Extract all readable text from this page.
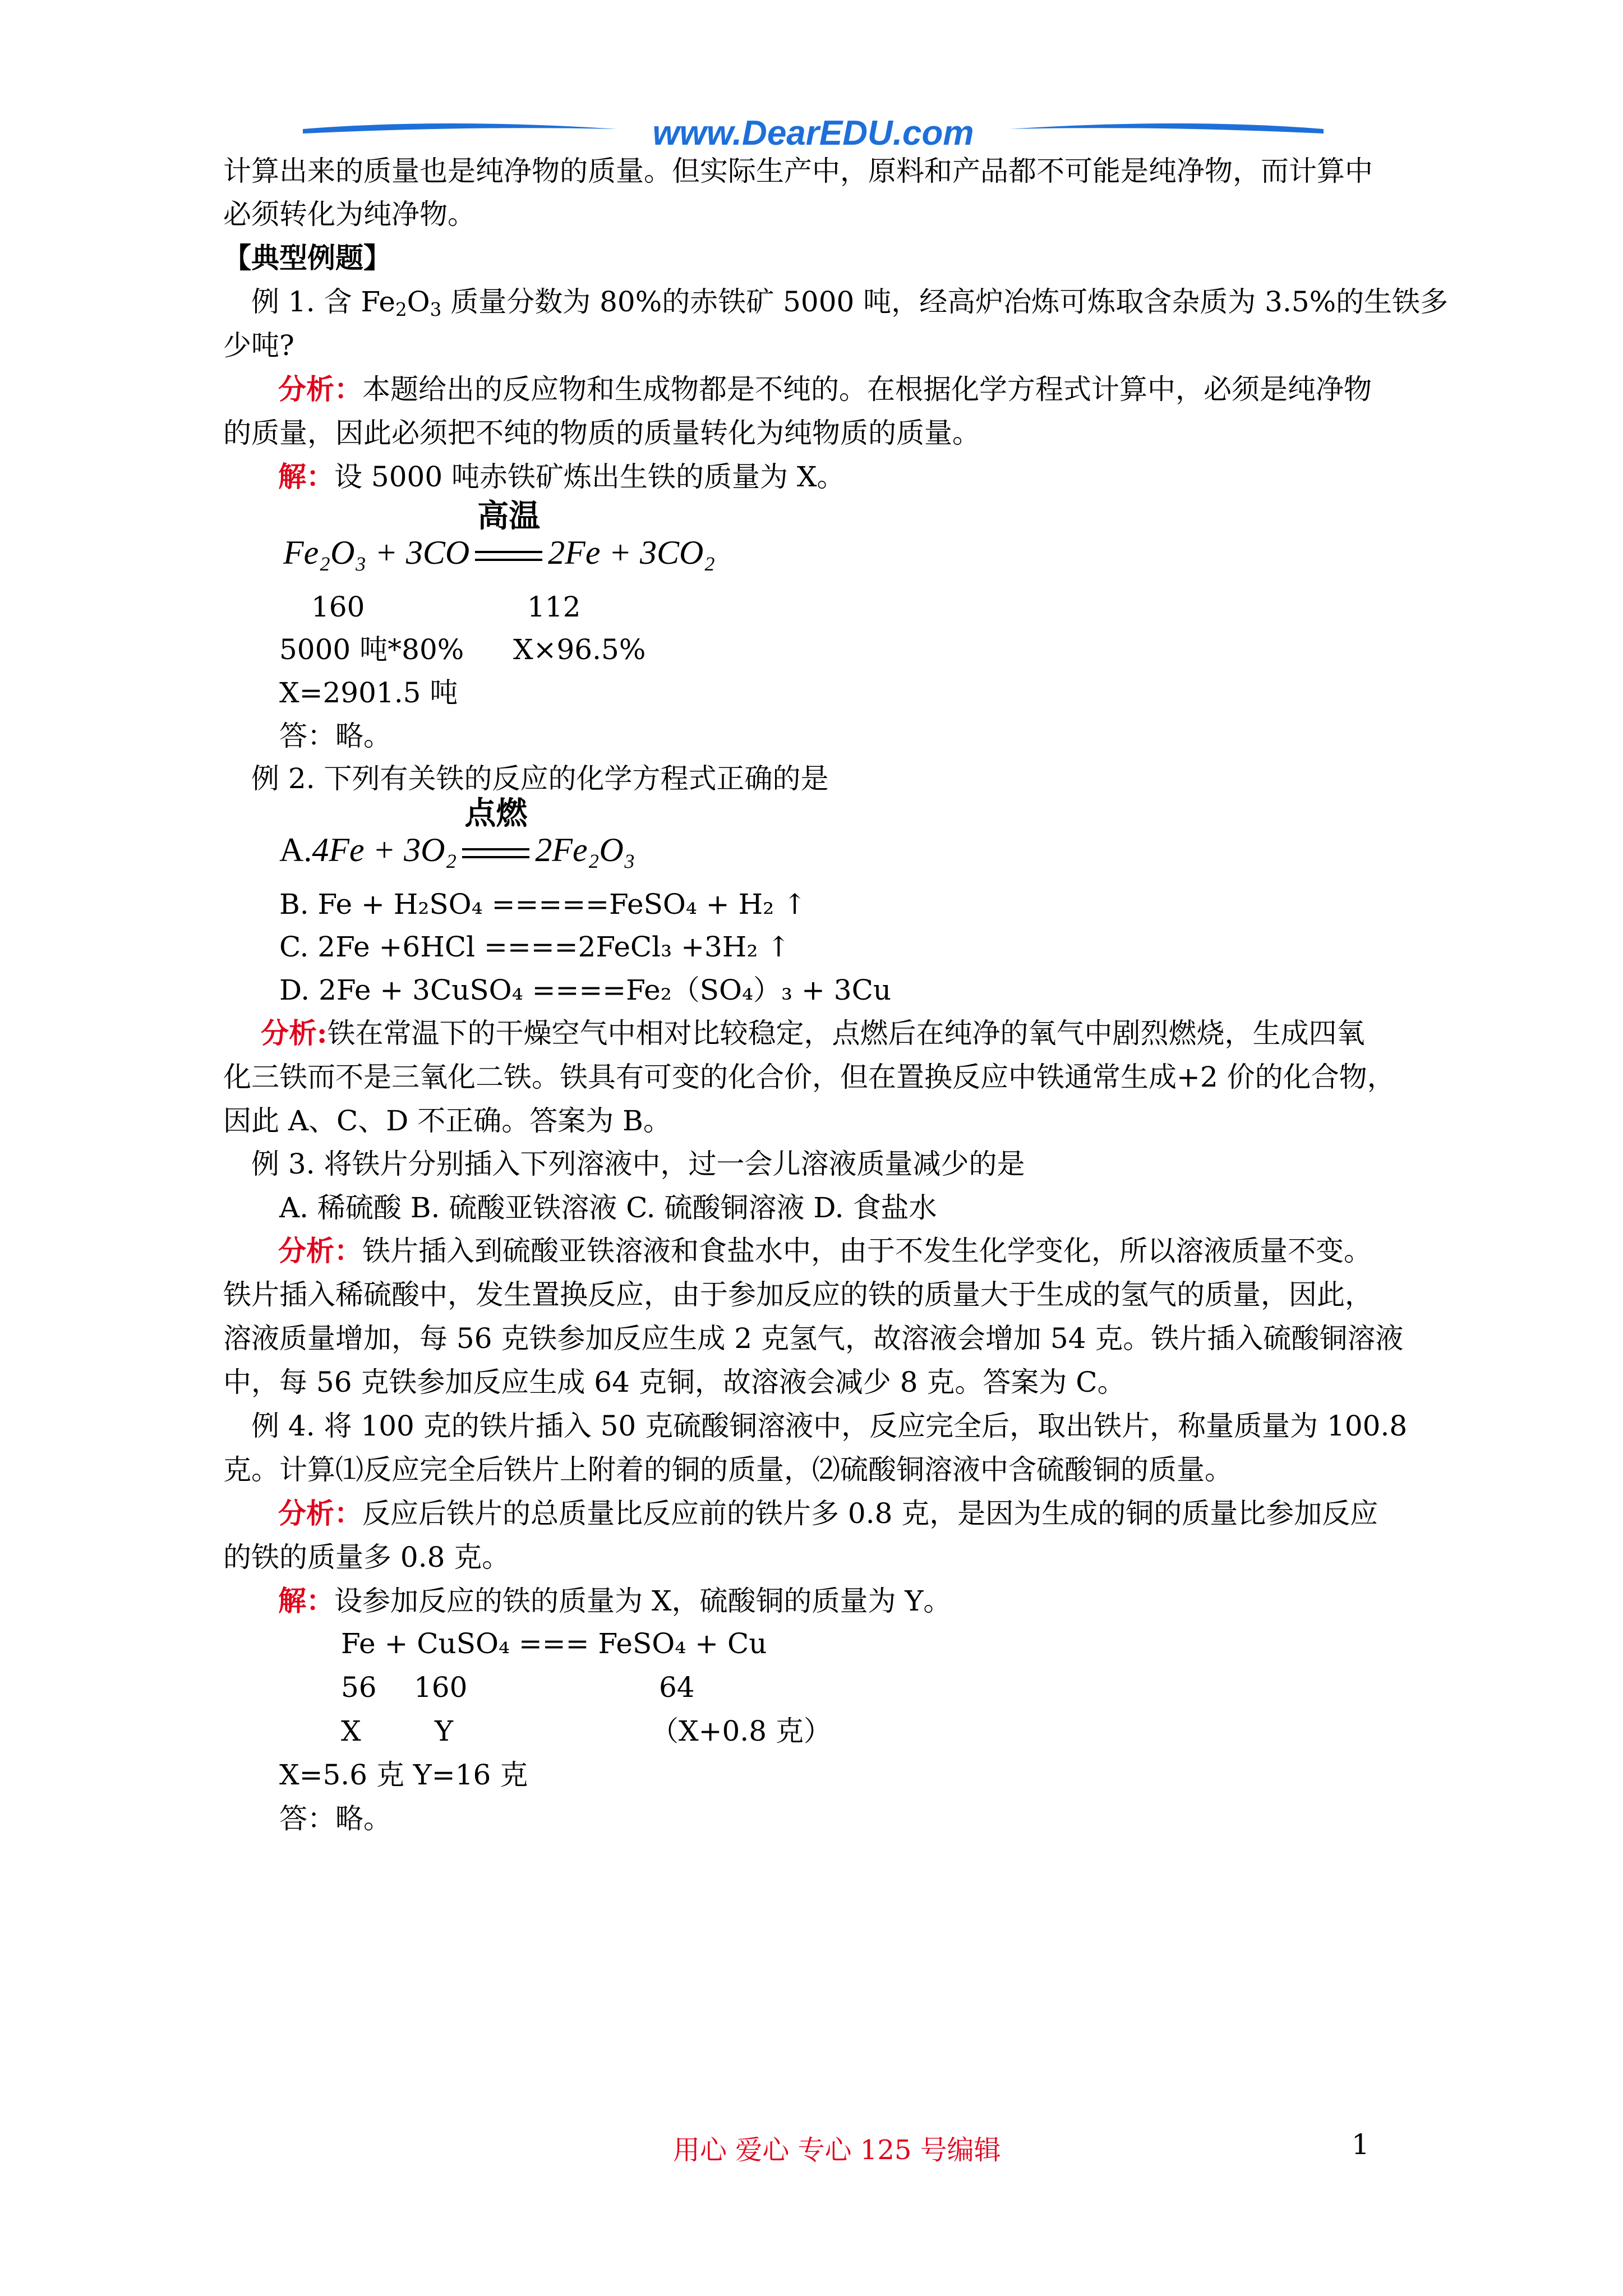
www.DearEDU.com
计算出来的质量也是纯净物的质量。但实际生产中，原料和产品都不可能是纯净物，而计算中
必须转化为纯净物。
【典型例题】
例 1. 含 $Fe_2O_3$ 质量分数为 80%的赤铁矿 5000 吨，经高炉冶炼可炼取含杂质为 3.5%的生铁多
少吨?
分析：本题给出的反应物和生成物都是不纯的。在根据化学方程式计算中，必须是纯净物
的质量，因此必须把不纯的物质的质量转化为纯物质的质量。
解：设 5000 吨赤铁矿炼出生铁的质量为 X。
Fe₂O₃ + 3CO
高温
2Fe + 3CO₂
160	112
5000 吨*80% X×96.5%
X=2901.5 吨
答：略。
例 2. 下列有关铁的反应的化学方程式正确的是
A.4Fe + 3O₂
点燃
2Fe₂O₃
B. Fe + H₂SO₄ =====FeSO₄ + H₂ ↑
C. 2Fe +6HCl ====2FeCl₃ +3H₂ ↑
D. 2Fe + 3CuSO₄ ====Fe₂（SO₄）₃ + 3Cu
分析:铁在常温下的干燥空气中相对比较稳定，点燃后在纯净的氧气中剧烈燃烧，生成四氧
化三铁而不是三氧化二铁。铁具有可变的化合价，但在置换反应中铁通常生成+2 价的化合物，
因此 A、C、D 不正确。答案为 B。
例 3. 将铁片分别插入下列溶液中，过一会儿溶液质量减少的是
A. 稀硫酸 B. 硫酸亚铁溶液 C. 硫酸铜溶液 D. 食盐水
分析：铁片插入到硫酸亚铁溶液和食盐水中，由于不发生化学变化，所以溶液质量不变。
铁片插入稀硫酸中，发生置换反应，由于参加反应的铁的质量大于生成的氢气的质量，因此，
溶液质量增加，每 56 克铁参加反应生成 2 克氢气，故溶液会增加 54 克。铁片插入硫酸铜溶液
中，每 56 克铁参加反应生成 64 克铜，故溶液会减少 8 克。答案为 C。
例 4. 将 100 克的铁片插入 50 克硫酸铜溶液中，反应完全后，取出铁片，称量质量为 100.8
克。计算⑴反应完全后铁片上附着的铜的质量，⑵硫酸铜溶液中含硫酸铜的质量。
分析：反应后铁片的总质量比反应前的铁片多 0.8 克，是因为生成的铜的质量比参加反应
的铁的质量多 0.8 克。
解：设参加反应的铁的质量为 X，硫酸铜的质量为 Y。
Fe + CuSO₄ === FeSO₄ + Cu
56 160	64
X	Y	（X+0.8 克）
X=5.6 克 Y=16 克
答：略。
用心 爱心 专心 125 号编辑	1
